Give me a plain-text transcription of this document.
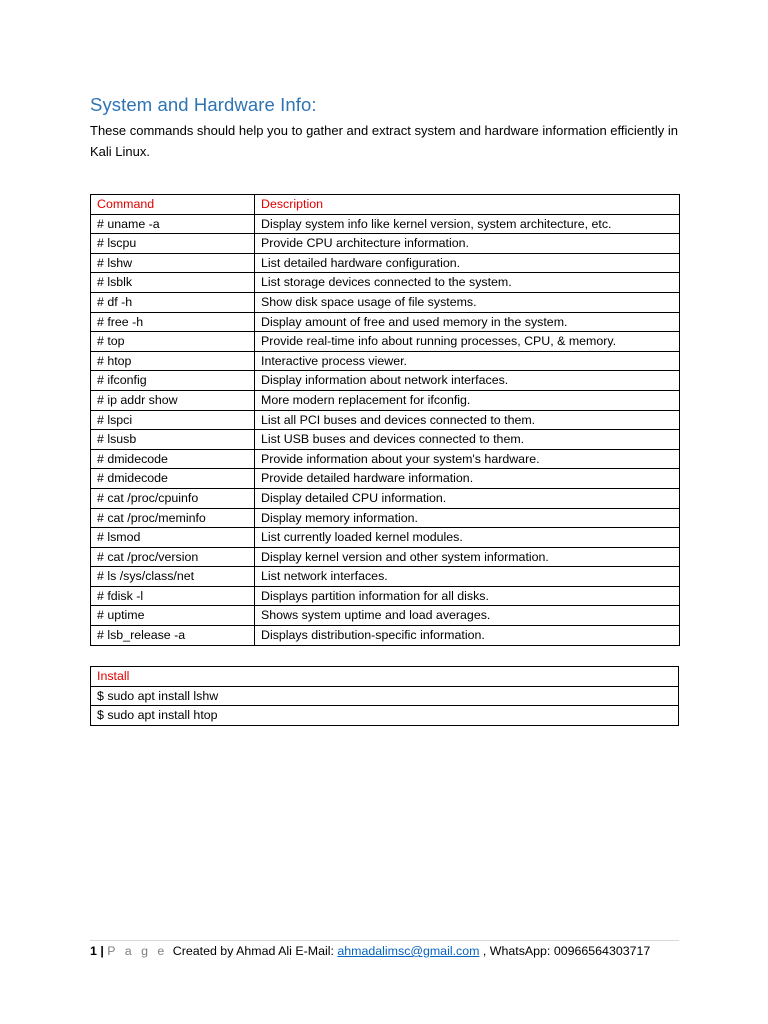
System and Hardware Info:

These commands should help you to gather and extract system and hardware information efficiently in Kali Linux.

Command	Description
# uname -a	Display system info like kernel version, system architecture, etc.
# lscpu	Provide CPU architecture information.
# lshw	List detailed hardware configuration.
# lsblk	List storage devices connected to the system.
# df -h	Show disk space usage of file systems.
# free -h	Display amount of free and used memory in the system.
# top	Provide real-time info about running processes, CPU, & memory.
# htop	Interactive process viewer.
# ifconfig	Display information about network interfaces.
# ip addr show	More modern replacement for ifconfig.
# lspci	List all PCI buses and devices connected to them.
# lsusb	List USB buses and devices connected to them.
# dmidecode	Provide information about your system's hardware.
# dmidecode	Provide detailed hardware information.
# cat /proc/cpuinfo	Display detailed CPU information.
# cat /proc/meminfo	Display memory information.
# lsmod	List currently loaded kernel modules.
# cat /proc/version	Display kernel version and other system information.
# ls /sys/class/net	List network interfaces.
# fdisk -l	Displays partition information for all disks.
# uptime	Shows system uptime and load averages.
# lsb_release -a	Displays distribution-specific information.
Install
$ sudo apt install lshw
$ sudo apt install htop
1 | P a g e Created by Ahmad Ali E-Mail: ahmadalimsc@gmail.com , WhatsApp: 00966564303717
